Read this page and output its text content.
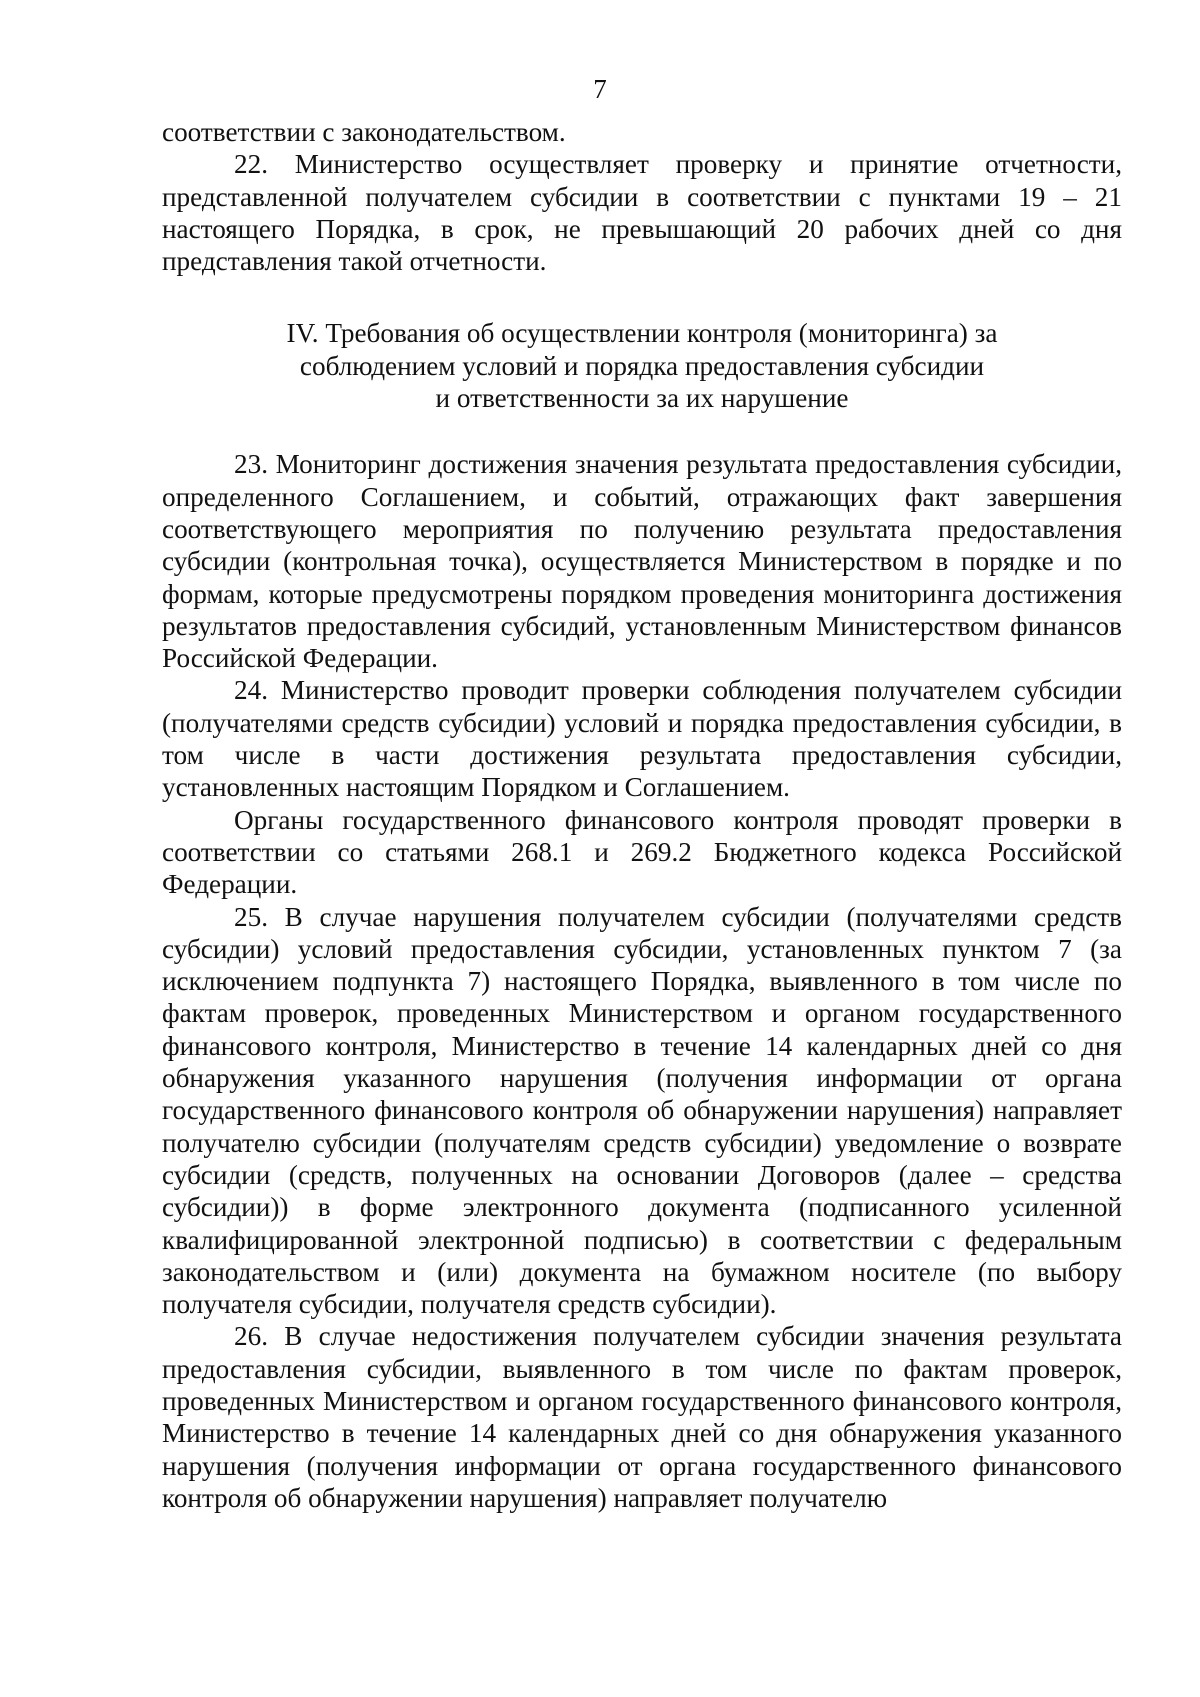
7

соответствии с законодательством.

22. Министерство осуществляет проверку и принятие отчетности, представленной получателем субсидии в соответствии с пунктами 19 – 21 настоящего Порядка, в срок, не превышающий 20 рабочих дней со дня представления такой отчетности.

IV. Требования об осуществлении контроля (мониторинга) за
соблюдением условий и порядка предоставления субсидии
и ответственности за их нарушение

23. Мониторинг достижения значения результата предоставления субсидии, определенного Соглашением, и событий, отражающих факт завершения соответствующего мероприятия по получению результата предоставления субсидии (контрольная точка), осуществляется Министерством в порядке и по формам, которые предусмотрены порядком проведения мониторинга достижения результатов предоставления субсидий, установленным Министерством финансов Российской Федерации.

24. Министерство проводит проверки соблюдения получателем субсидии (получателями средств субсидии) условий и порядка предоставления субсидии, в том числе в части достижения результата предоставления субсидии, установленных настоящим Порядком и Соглашением.

Органы государственного финансового контроля проводят проверки в соответствии со статьями 268.1 и 269.2 Бюджетного кодекса Российской Федерации.

25. В случае нарушения получателем субсидии (получателями средств субсидии) условий предоставления субсидии, установленных пунктом 7 (за исключением подпункта 7) настоящего Порядка, выявленного в том числе по фактам проверок, проведенных Министерством и органом государственного финансового контроля, Министерство в течение 14 календарных дней со дня обнаружения указанного нарушения (получения информации от органа государственного финансового контроля об обнаружении нарушения) направляет получателю субсидии (получателям средств субсидии) уведомление о возврате субсидии (средств, полученных на основании Договоров (далее – средства субсидии)) в форме электронного документа (подписанного усиленной квалифицированной электронной подписью) в соответствии с федеральным законодательством и (или) документа на бумажном носителе (по выбору получателя субсидии, получателя средств субсидии).

26. В случае недостижения получателем субсидии значения результата предоставления субсидии, выявленного в том числе по фактам проверок, проведенных Министерством и органом государственного финансового контроля, Министерство в течение 14 календарных дней со дня обнаружения указанного нарушения (получения информации от органа государственного финансового контроля об обнаружении нарушения) направляет получателю
